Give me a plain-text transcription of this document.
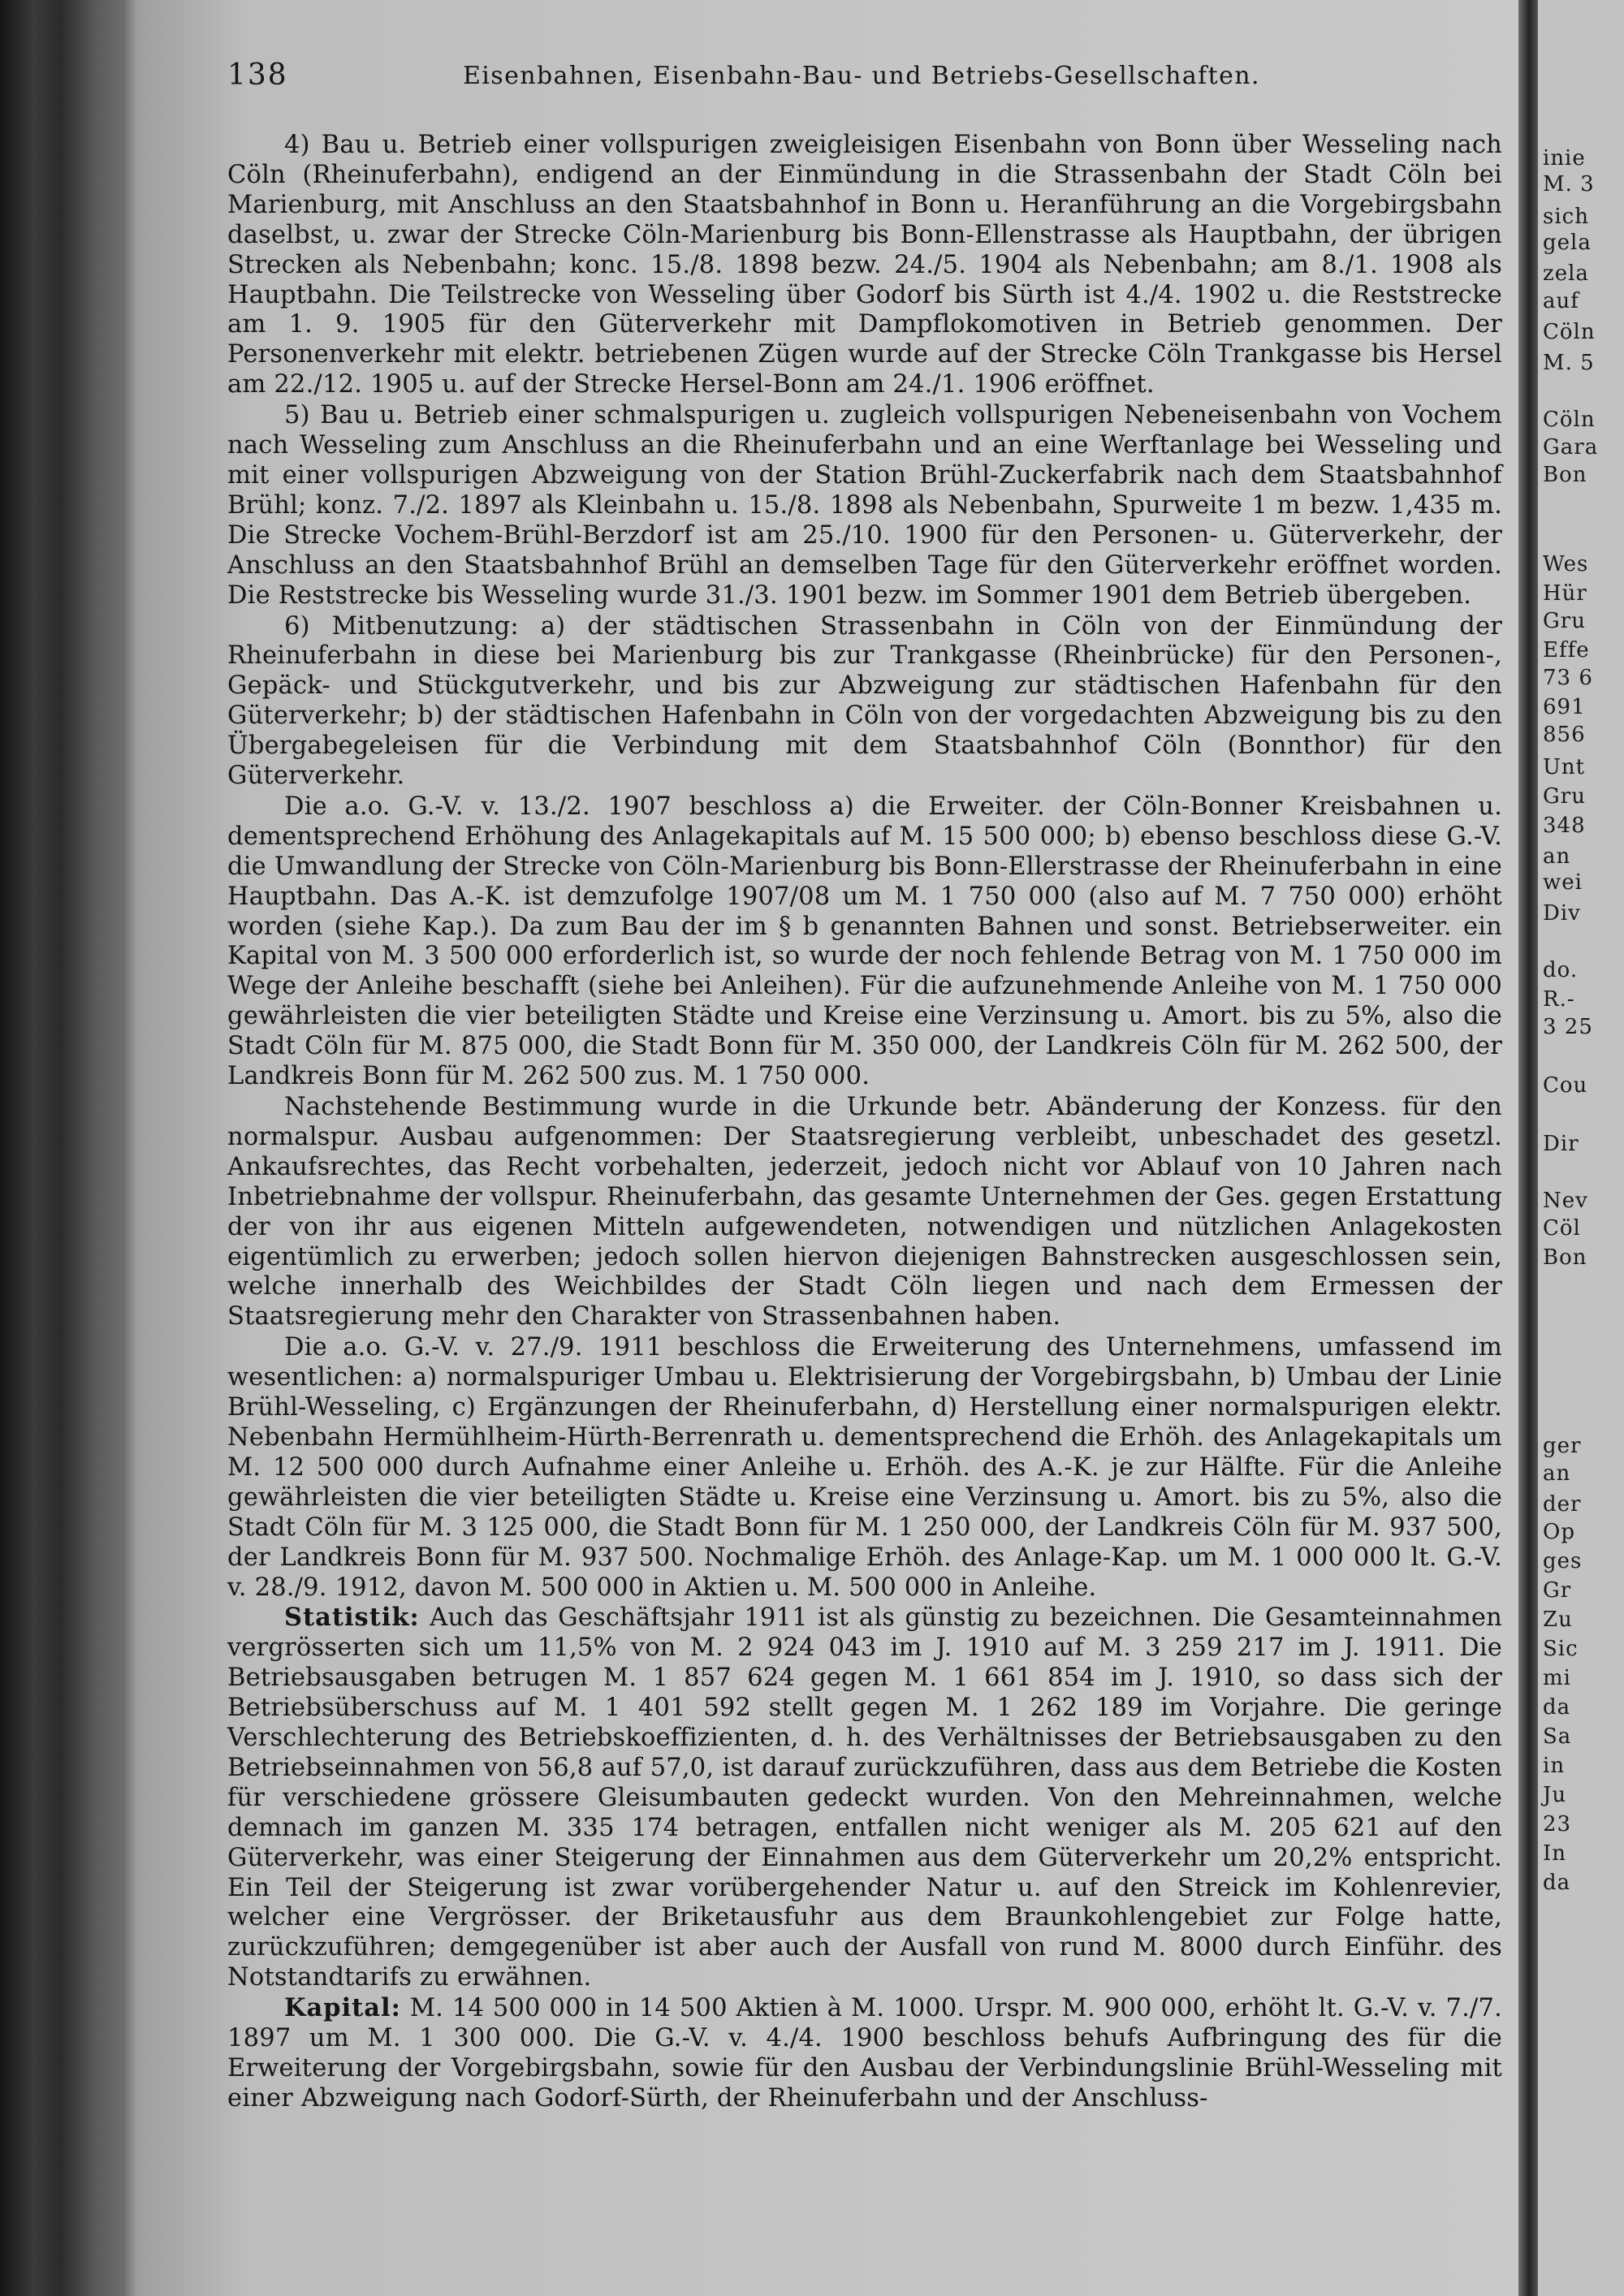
138	Eisenbahnen, Eisenbahn-Bau- und Betriebs-Gesellschaften.

4) Bau u. Betrieb einer vollspurigen zweigleisigen Eisenbahn von Bonn über Wesseling nach Cöln (Rheinuferbahn), endigend an der Einmündung in die Strassenbahn der Stadt Cöln bei Marienburg, mit Anschluss an den Staatsbahnhof in Bonn u. Heranführung an die Vorgebirgsbahn daselbst, u. zwar der Strecke Cöln-Marienburg bis Bonn-Ellenstrasse als Hauptbahn, der übrigen Strecken als Nebenbahn; konc. 15./8. 1898 bezw. 24./5. 1904 als Nebenbahn; am 8./1. 1908 als Hauptbahn. Die Teilstrecke von Wesseling über Godorf bis Sürth ist 4./4. 1902 u. die Reststrecke am 1. 9. 1905 für den Güterverkehr mit Dampflokomotiven in Betrieb genommen. Der Personenverkehr mit elektr. betriebenen Zügen wurde auf der Strecke Cöln Trankgasse bis Hersel am 22./12. 1905 u. auf der Strecke Hersel-Bonn am 24./1. 1906 eröffnet.

5) Bau u. Betrieb einer schmalspurigen u. zugleich vollspurigen Nebeneisenbahn von Vochem nach Wesseling zum Anschluss an die Rheinuferbahn und an eine Werftanlage bei Wesseling und mit einer vollspurigen Abzweigung von der Station Brühl-Zuckerfabrik nach dem Staatsbahnhof Brühl; konz. 7./2. 1897 als Kleinbahn u. 15./8. 1898 als Nebenbahn, Spurweite 1 m bezw. 1,435 m. Die Strecke Vochem-Brühl-Berzdorf ist am 25./10. 1900 für den Personen- u. Güterverkehr, der Anschluss an den Staatsbahnhof Brühl an demselben Tage für den Güterverkehr eröffnet worden. Die Reststrecke bis Wesseling wurde 31./3. 1901 bezw. im Sommer 1901 dem Betrieb übergeben.

6) Mitbenutzung: a) der städtischen Strassenbahn in Cöln von der Einmündung der Rheinuferbahn in diese bei Marienburg bis zur Trankgasse (Rheinbrücke) für den Personen-, Gepäck- und Stückgutverkehr, und bis zur Abzweigung zur städtischen Hafenbahn für den Güterverkehr; b) der städtischen Hafenbahn in Cöln von der vorgedachten Abzweigung bis zu den Übergabegeleisen für die Verbindung mit dem Staatsbahnhof Cöln (Bonnthor) für den Güterverkehr.

Die a.o. G.-V. v. 13./2. 1907 beschloss a) die Erweiter. der Cöln-Bonner Kreisbahnen u. dementsprechend Erhöhung des Anlagekapitals auf M. 15 500 000; b) ebenso beschloss diese G.-V. die Umwandlung der Strecke von Cöln-Marienburg bis Bonn-Ellerstrasse der Rheinuferbahn in eine Hauptbahn. Das A.-K. ist demzufolge 1907/08 um M. 1 750 000 (also auf M. 7 750 000) erhöht worden (siehe Kap.). Da zum Bau der im § b genannten Bahnen und sonst. Betriebserweiter. ein Kapital von M. 3 500 000 erforderlich ist, so wurde der noch fehlende Betrag von M. 1 750 000 im Wege der Anleihe beschafft (siehe bei Anleihen). Für die aufzunehmende Anleihe von M. 1 750 000 gewährleisten die vier beteiligten Städte und Kreise eine Verzinsung u. Amort. bis zu 5%, also die Stadt Cöln für M. 875 000, die Stadt Bonn für M. 350 000, der Landkreis Cöln für M. 262 500, der Landkreis Bonn für M. 262 500 zus. M. 1 750 000.

Nachstehende Bestimmung wurde in die Urkunde betr. Abänderung der Konzess. für den normalspur. Ausbau aufgenommen: Der Staatsregierung verbleibt, unbeschadet des gesetzl. Ankaufsrechtes, das Recht vorbehalten, jederzeit, jedoch nicht vor Ablauf von 10 Jahren nach Inbetriebnahme der vollspur. Rheinuferbahn, das gesamte Unternehmen der Ges. gegen Erstattung der von ihr aus eigenen Mitteln aufgewendeten, notwendigen und nützlichen Anlagekosten eigentümlich zu erwerben; jedoch sollen hiervon diejenigen Bahnstrecken ausgeschlossen sein, welche innerhalb des Weichbildes der Stadt Cöln liegen und nach dem Ermessen der Staatsregierung mehr den Charakter von Strassenbahnen haben.

Die a.o. G.-V. v. 27./9. 1911 beschloss die Erweiterung des Unternehmens, umfassend im wesentlichen: a) normalspuriger Umbau u. Elektrisierung der Vorgebirgsbahn, b) Umbau der Linie Brühl-Wesseling, c) Ergänzungen der Rheinuferbahn, d) Herstellung einer normalspurigen elektr. Nebenbahn Hermühlheim-Hürth-Berrenrath u. dementsprechend die Erhöh. des Anlagekapitals um M. 12 500 000 durch Aufnahme einer Anleihe u. Erhöh. des A.-K. je zur Hälfte. Für die Anleihe gewährleisten die vier beteiligten Städte u. Kreise eine Verzinsung u. Amort. bis zu 5%, also die Stadt Cöln für M. 3 125 000, die Stadt Bonn für M. 1 250 000, der Landkreis Cöln für M. 937 500, der Landkreis Bonn für M. 937 500. Nochmalige Erhöh. des Anlage-Kap. um M. 1 000 000 lt. G.-V. v. 28./9. 1912, davon M. 500 000 in Aktien u. M. 500 000 in Anleihe.

Statistik: Auch das Geschäftsjahr 1911 ist als günstig zu bezeichnen. Die Gesamteinnahmen vergrösserten sich um 11,5% von M. 2 924 043 im J. 1910 auf M. 3 259 217 im J. 1911. Die Betriebsausgaben betrugen M. 1 857 624 gegen M. 1 661 854 im J. 1910, so dass sich der Betriebsüberschuss auf M. 1 401 592 stellt gegen M. 1 262 189 im Vorjahre. Die geringe Verschlechterung des Betriebskoeffizienten, d. h. des Verhältnisses der Betriebsausgaben zu den Betriebseinnahmen von 56,8 auf 57,0, ist darauf zurückzuführen, dass aus dem Betriebe die Kosten für verschiedene grössere Gleisumbauten gedeckt wurden. Von den Mehreinnahmen, welche demnach im ganzen M. 335 174 betragen, entfallen nicht weniger als M. 205 621 auf den Güterverkehr, was einer Steigerung der Einnahmen aus dem Güterverkehr um 20,2% entspricht. Ein Teil der Steigerung ist zwar vorübergehender Natur u. auf den Streick im Kohlenrevier, welcher eine Vergrösser. der Briketausfuhr aus dem Braunkohlengebiet zur Folge hatte, zurückzuführen; demgegenüber ist aber auch der Ausfall von rund M. 8000 durch Einführ. des Notstandtarifs zu erwähnen.

Kapital: M. 14 500 000 in 14 500 Aktien à M. 1000. Urspr. M. 900 000, erhöht lt. G.-V. v. 7./7. 1897 um M. 1 300 000. Die G.-V. v. 4./4. 1900 beschloss behufs Aufbringung des für die Erweiterung der Vorgebirgsbahn, sowie für den Ausbau der Verbindungslinie Brühl-Wesseling mit einer Abzweigung nach Godorf-Sürth, der Rheinuferbahn und der Anschluss-

inie
M. 3
sich
gela
zela
auf
Cöln
M. 5
Cöln
Gara
Bon
Wes
Hür
Gru
Effe
73 6
691
856
Unt
Gru
348
an
wei
Div
do.
R.-
3 25
Cou
Dir
Nev
Cöl
Bon
ger
an
der
Op
ges
Gr
Zu
Sic
mi
da
Sa
in
Ju
23
In
da
